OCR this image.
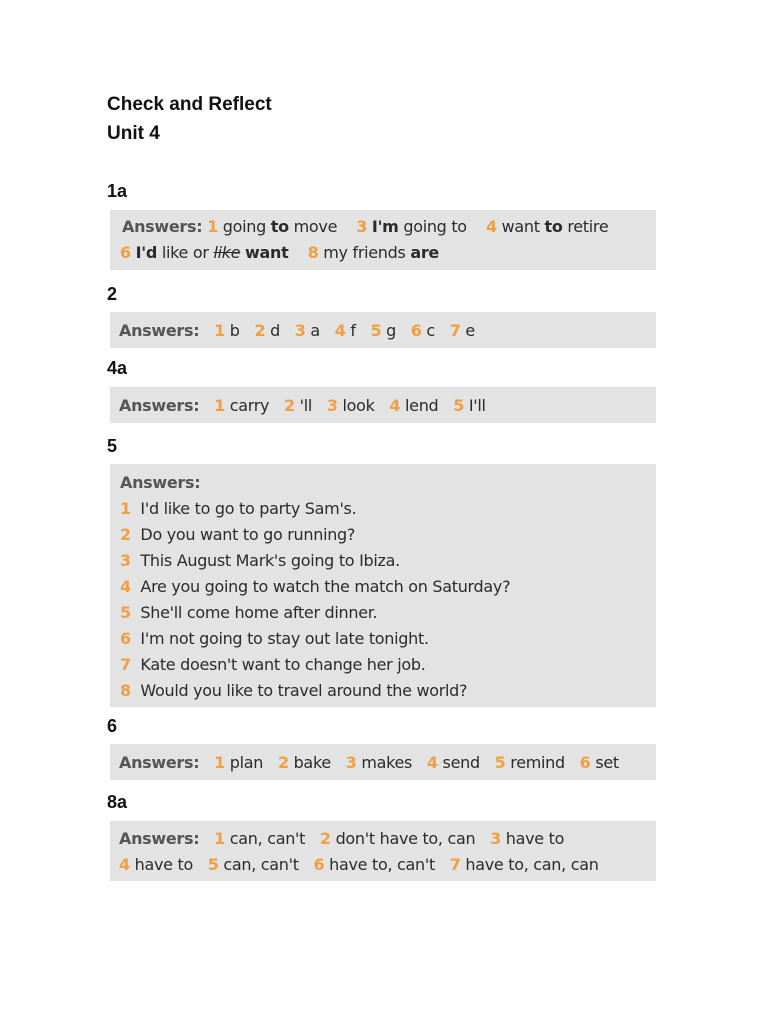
Check and Reflect
Unit 4
1a
Answers: 1 going to move 3 I'm going to 4 want to retire
6 I'd like or like want 8 my friends are
2
Answers: 1 b 2 d 3 a 4 f 5 g 6 c 7 e
4a
Answers: 1 carry 2 'll 3 look 4 lend 5 I'll
5
Answers:
1 I'd like to go to party Sam's.
2 Do you want to go running?
3 This August Mark's going to Ibiza.
4 Are you going to watch the match on Saturday?
5 She'll come home after dinner.
6 I'm not going to stay out late tonight.
7 Kate doesn't want to change her job.
8 Would you like to travel around the world?
6
Answers: 1 plan 2 bake 3 makes 4 send 5 remind 6 set
8a
Answers: 1 can, can't 2 don't have to, can 3 have to
4 have to 5 can, can't 6 have to, can't 7 have to, can, can
